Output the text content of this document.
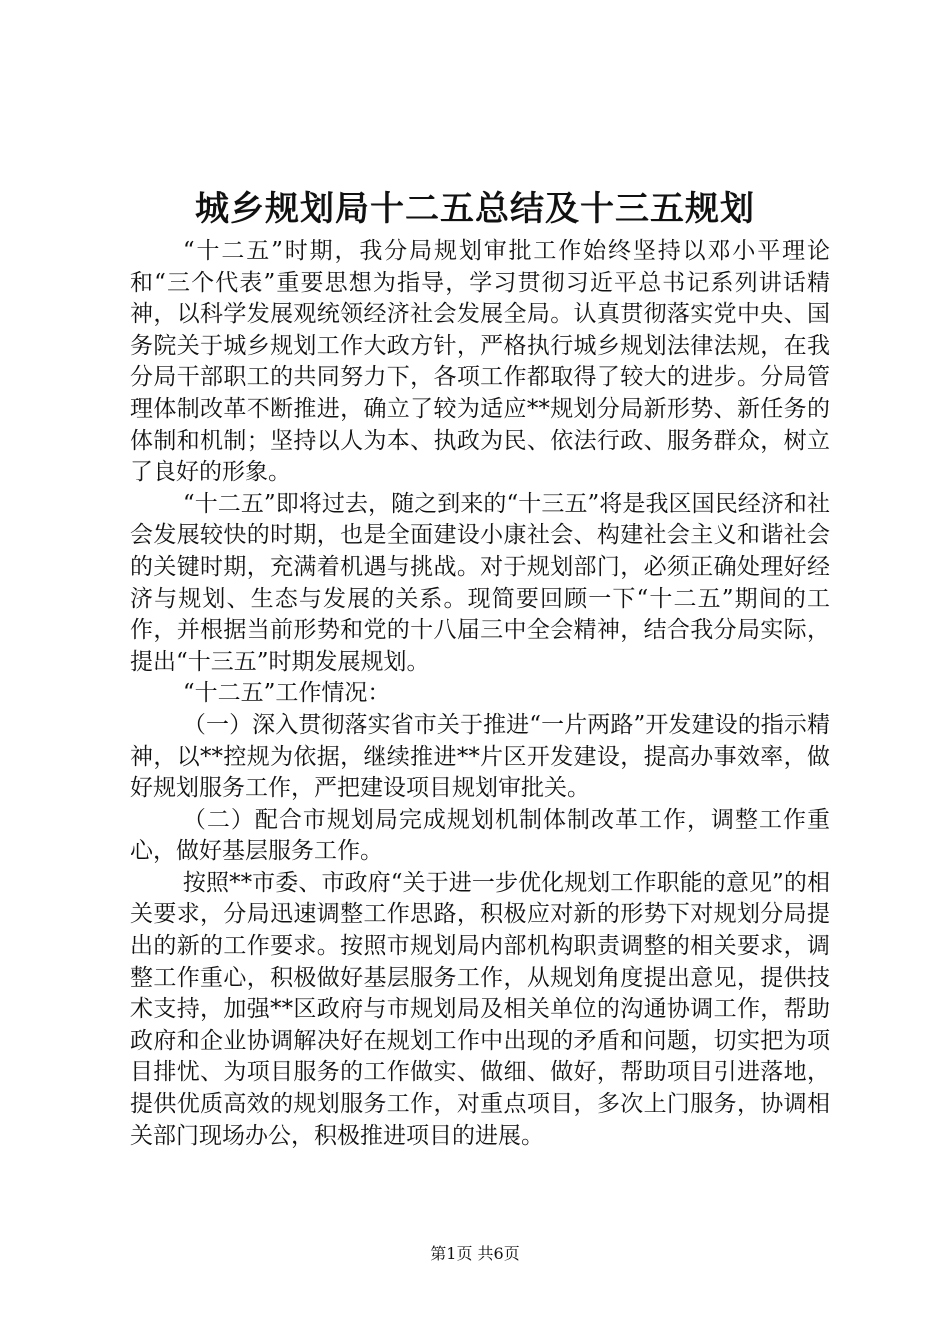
城乡规划局十二五总结及十三五规划

“十二五”时期，我分局规划审批工作始终坚持以邓小平理论和“三个代表”重要思想为指导，学习贯彻习近平总书记系列讲话精神，以科学发展观统领经济社会发展全局。认真贯彻落实党中央、国务院关于城乡规划工作大政方针，严格执行城乡规划法律法规，在我分局干部职工的共同努力下，各项工作都取得了较大的进步。分局管理体制改革不断推进，确立了较为适应**规划分局新形势、新任务的体制和机制；坚持以人为本、执政为民、依法行政、服务群众，树立了良好的形象。

“十二五”即将过去，随之到来的“十三五”将是我区国民经济和社会发展较快的时期，也是全面建设小康社会、构建社会主义和谐社会的关键时期，充满着机遇与挑战。对于规划部门，必须正确处理好经济与规划、生态与发展的关系。现简要回顾一下“十二五”期间的工作，并根据当前形势和党的十八届三中全会精神，结合我分局实际，提出“十三五”时期发展规划。

“十二五”工作情况：

（一）深入贯彻落实省市关于推进“一片两路”开发建设的指示精神，以**控规为依据，继续推进**片区开发建设，提高办事效率，做好规划服务工作，严把建设项目规划审批关。

（二）配合市规划局完成规划机制体制改革工作，调整工作重心，做好基层服务工作。

按照**市委、市政府“关于进一步优化规划工作职能的意见”的相关要求，分局迅速调整工作思路，积极应对新的形势下对规划分局提出的新的工作要求。按照市规划局内部机构职责调整的相关要求，调整工作重心，积极做好基层服务工作，从规划角度提出意见，提供技术支持，加强**区政府与市规划局及相关单位的沟通协调工作，帮助政府和企业协调解决好在规划工作中出现的矛盾和问题，切实把为项目排忧、为项目服务的工作做实、做细、做好，帮助项目引进落地，提供优质高效的规划服务工作，对重点项目，多次上门服务，协调相关部门现场办公，积极推进项目的进展。

第1页 共6页
